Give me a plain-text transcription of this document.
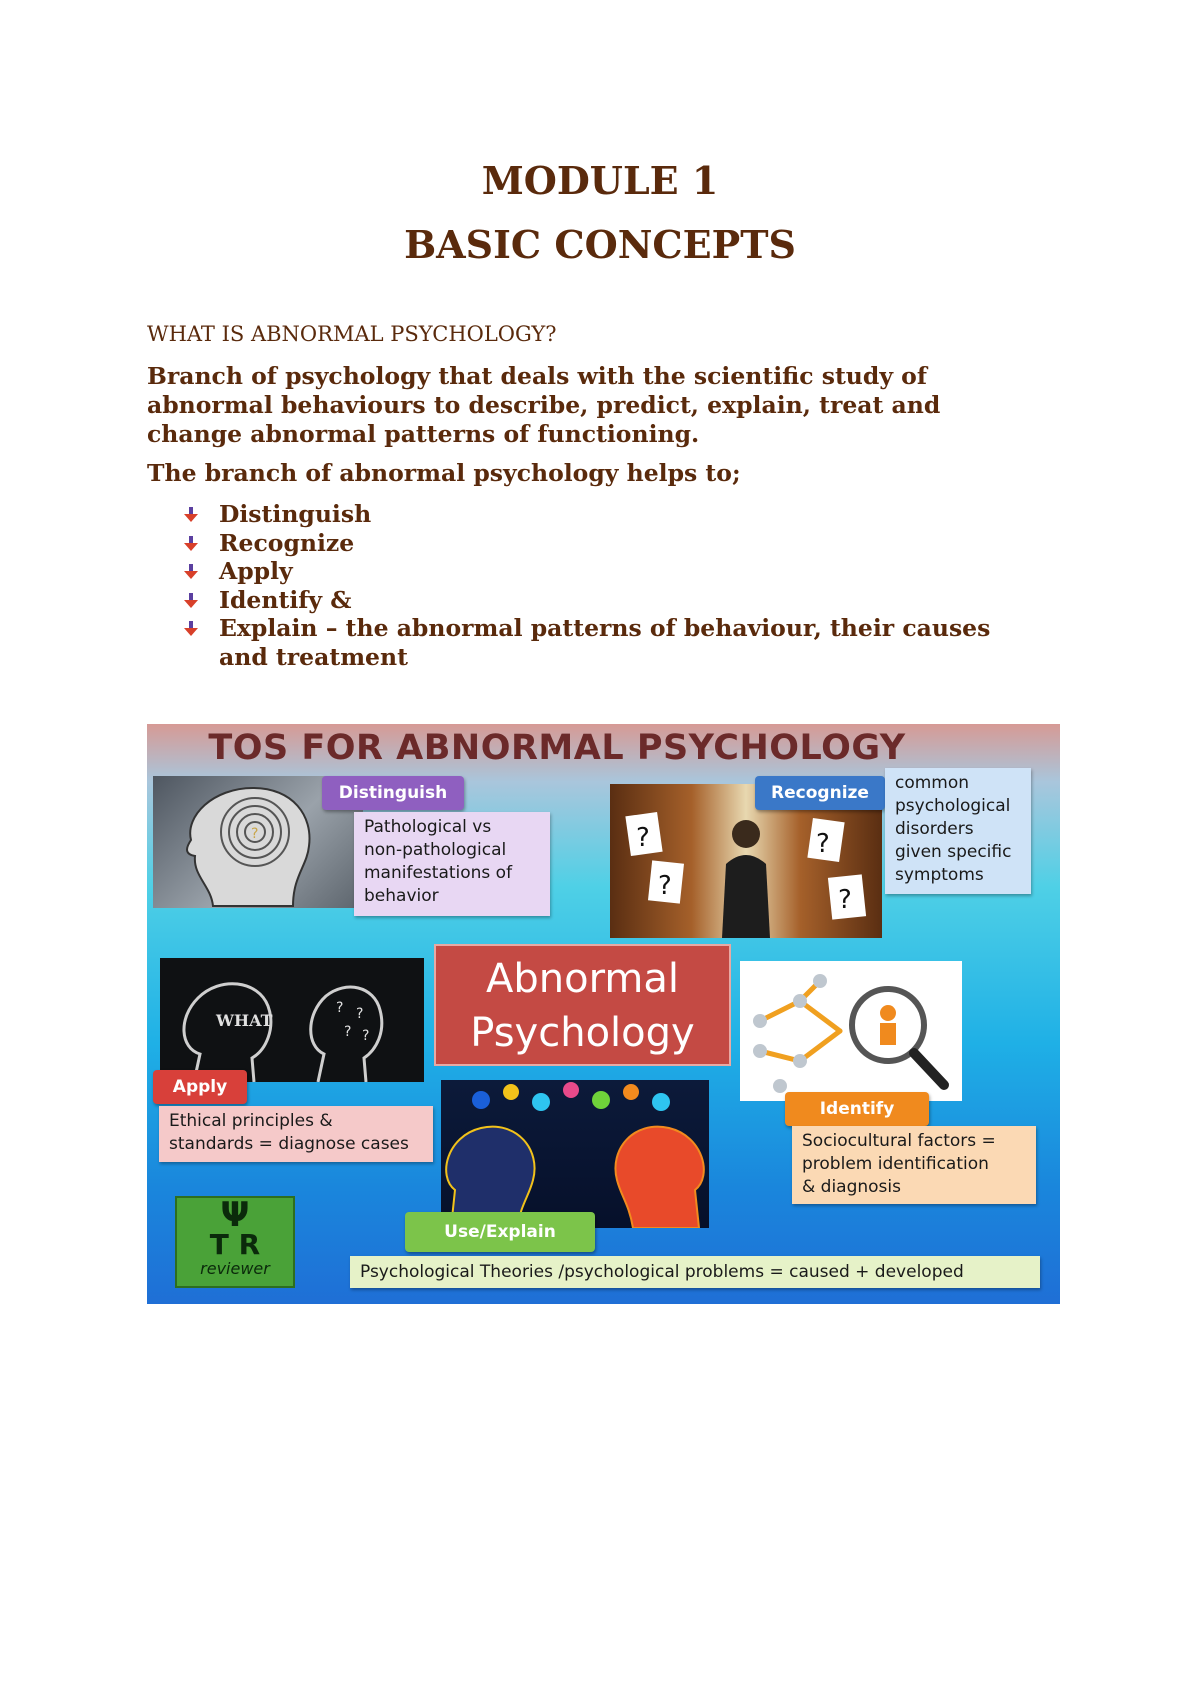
MODULE 1
BASIC CONCEPTS

WHAT IS ABNORMAL PSYCHOLOGY?

Branch of psychology that deals with the scientific study of abnormal behaviours to describe, predict, explain, treat and change abnormal patterns of functioning.

The branch of abnormal psychology helps to;

Distinguish
Recognize
Apply
Identify &
Explain – the abnormal patterns of behaviour, their causes and treatment
TOS FOR ABNORMAL PSYCHOLOGY
?
Distinguish
Pathological vs
non-pathological
manifestations of
behavior
?
?
?
?
Recognize	common
psychological
disorders
given specific
symptoms
WHAT
? ?
? ?
Apply
Ethical principles &
standards = diagnose cases
Abnormal
Psychology
Identify
Sociocultural factors =
problem identification
& diagnosis
Ψ
T R
reviewer
Use/Explain
Psychological Theories /psychological problems = caused + developed
